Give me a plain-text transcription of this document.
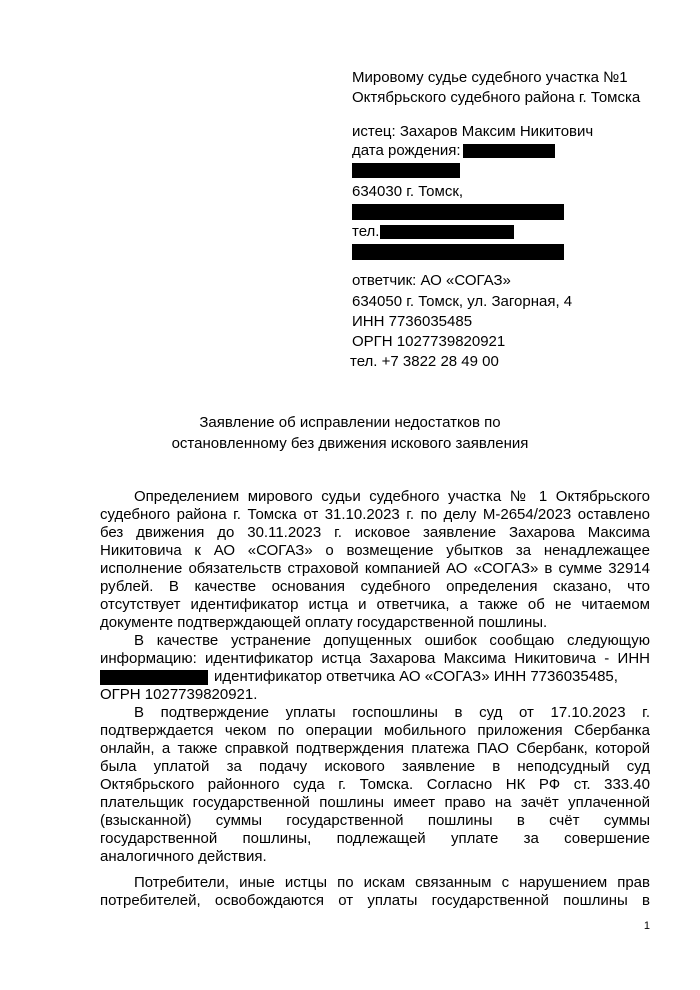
Мировому судье судебного участка №1
Октябрьского судебного района г. Томска
истец: Захаров Максим Никитович
дата рождения:
634030 г. Томск,
тел.
ответчик: АО «СОГАЗ»
634050 г. Томск, ул. Загорная, 4
ИНН 7736035485
ОРГН 1027739820921
тел. +7 3822 28 49 00
Заявление об исправлении недостатков по
остановленному без движения искового заявления
Определением мирового судьи судебного участка № 1 Октябрьского
судебного района г. Томска от 31.10.2023 г. по делу М-2654/2023 оставлено
без движения до 30.11.2023 г. исковое заявление Захарова Максима
Никитовича к АО «СОГАЗ» о возмещение убытков за ненадлежащее
исполнение обязательств страховой компанией АО «СОГАЗ» в сумме 32914
рублей. В качестве основания судебного определения сказано, что
отсутствует идентификатор истца и ответчика, а также об не читаемом
документе подтверждающей оплату государственной пошлины.
В качестве устранение допущенных ошибок сообщаю следующую
информацию: идентификатор истца Захарова Максима Никитовича - ИНН
идентификатор ответчика АО «СОГАЗ» ИНН 7736035485,
ОГРН 1027739820921.
В подтверждение уплаты госпошлины в суд от 17.10.2023 г.
подтверждается чеком по операции мобильного приложения Сбербанка
онлайн, а также справкой подтверждения платежа ПАО Сбербанк, которой
была уплатой за подачу искового заявление в неподсудный суд
Октябрьского районного суда г. Томска. Согласно НК РФ ст. 333.40
плательщик государственной пошлины имеет право на зачёт уплаченной
(взысканной) суммы государственной пошлины в счёт суммы
государственной пошлины, подлежащей уплате за совершение
аналогичного действия.
Потребители, иные истцы по искам связанным с нарушением прав
потребителей, освобождаются от уплаты государственной пошлины в
1
